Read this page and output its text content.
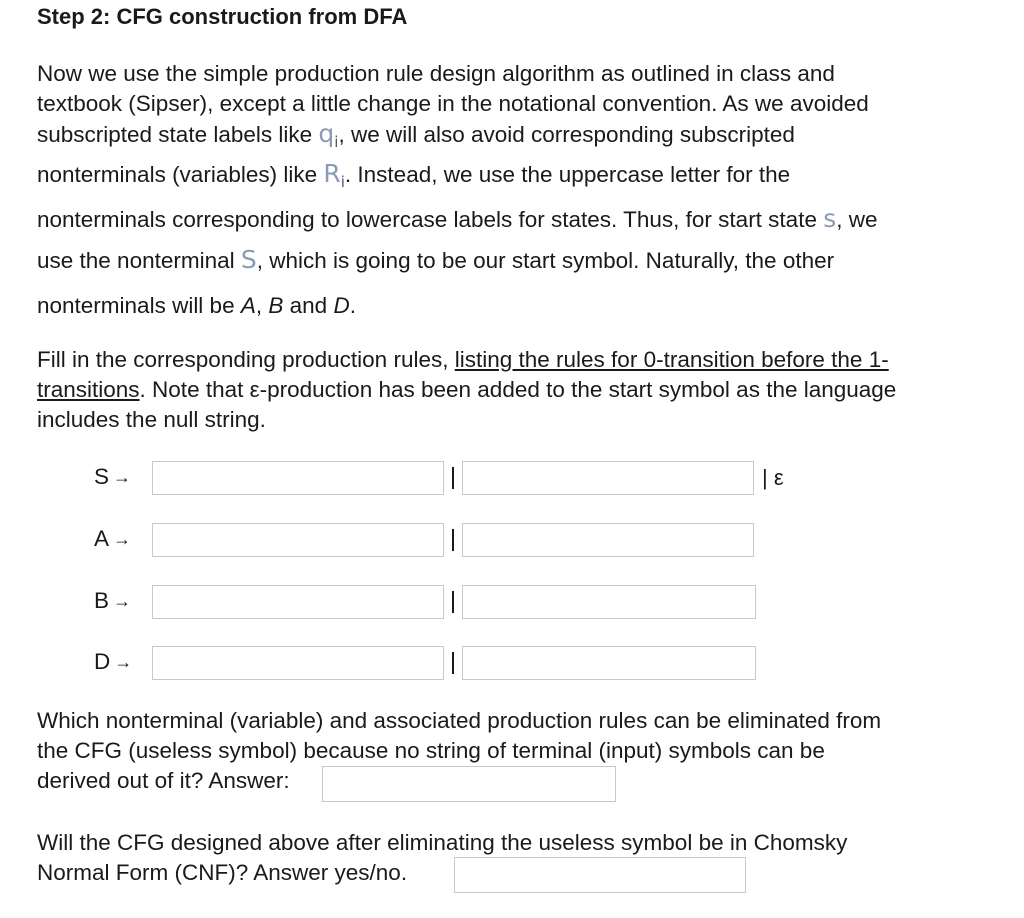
Step 2: CFG construction from DFA
Now we use the simple production rule design algorithm as outlined in class and
textbook (Sipser), except a little change in the notational convention. As we avoided
subscripted state labels like $q_i$, we will also avoid corresponding subscripted
nonterminals (variables) like $R_i$. Instead, we use the uppercase letter for the
nonterminals corresponding to lowercase labels for states. Thus, for start state s, we
use the nonterminal S, which is going to be our start symbol. Naturally, the other
nonterminals will be A, B and D.
Fill in the corresponding production rules, listing the rules for 0-transition before the 1-
transitions. Note that ε-production has been added to the start symbol as the language
includes the null string.
S →	| ε
A →
B →
D →
Which nonterminal (variable) and associated production rules can be eliminated from
the CFG (useless symbol) because no string of terminal (input) symbols can be
derived out of it? Answer:
Will the CFG designed above after eliminating the useless symbol be in Chomsky
Normal Form (CNF)? Answer yes/no.
